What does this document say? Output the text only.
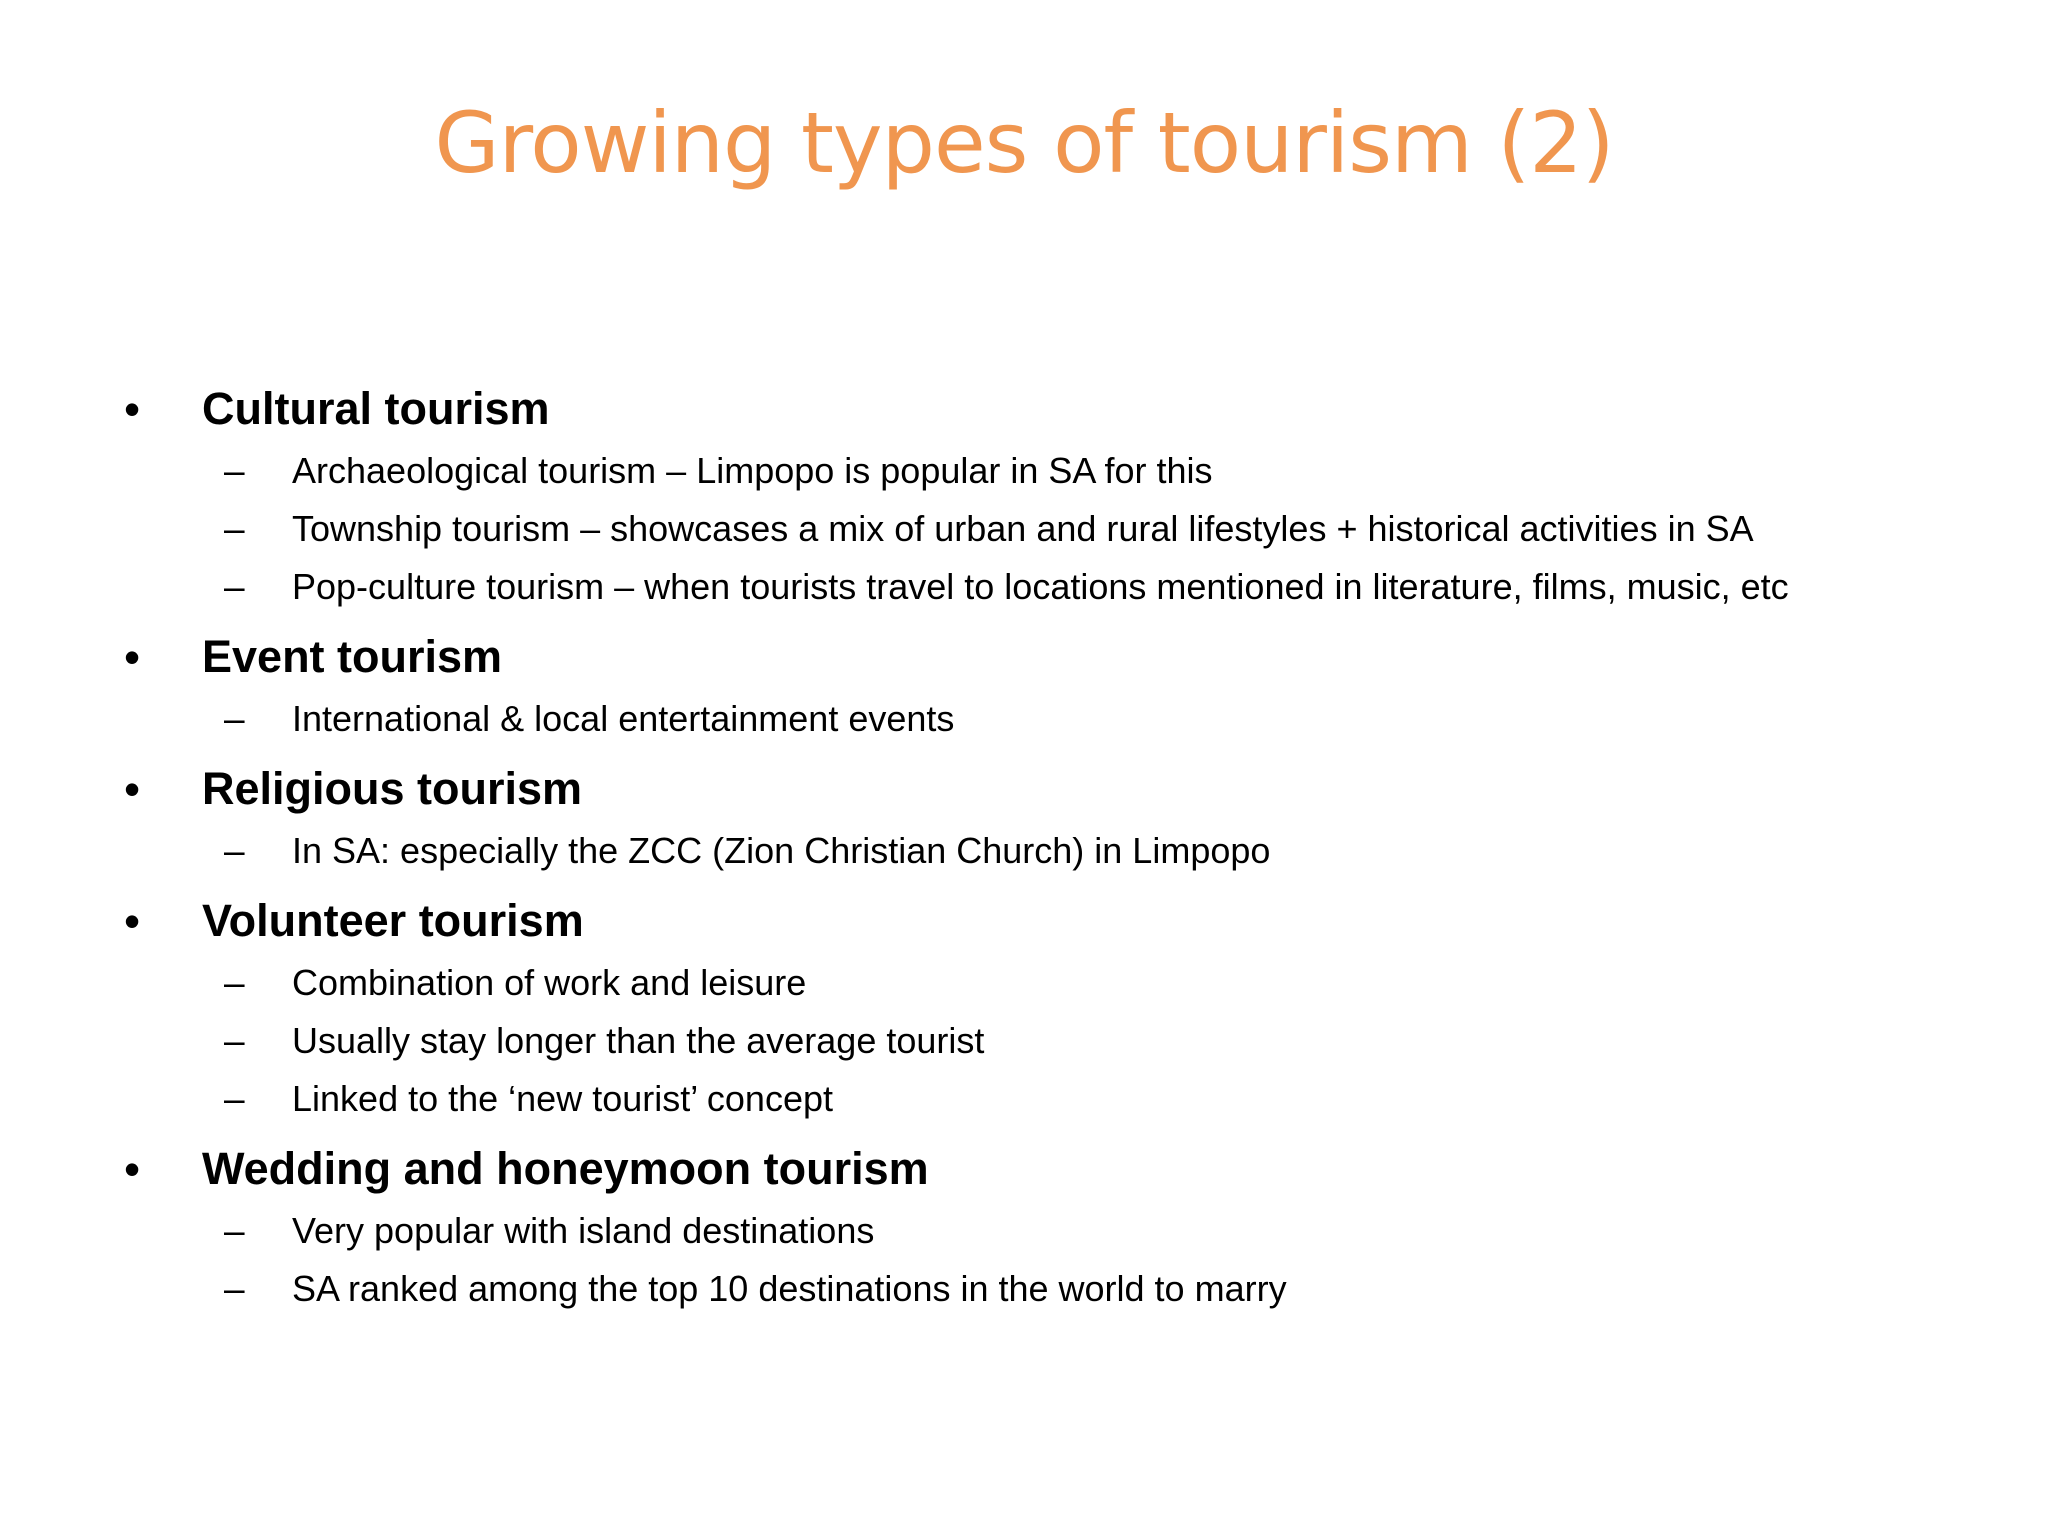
Growing types of tourism (2)
• Cultural tourism
– Archaeological tourism – Limpopo is popular in SA for this
– Township tourism – showcases a mix of urban and rural lifestyles + historical activities in SA
– Pop-culture tourism – when tourists travel to locations mentioned in literature, films, music, etc
• Event tourism
– International & local entertainment events
• Religious tourism
– In SA: especially the ZCC (Zion Christian Church) in Limpopo
• Volunteer tourism
– Combination of work and leisure
– Usually stay longer than the average tourist
– Linked to the ‘new tourist’ concept
• Wedding and honeymoon tourism
– Very popular with island destinations
– SA ranked among the top 10 destinations in the world to marry
